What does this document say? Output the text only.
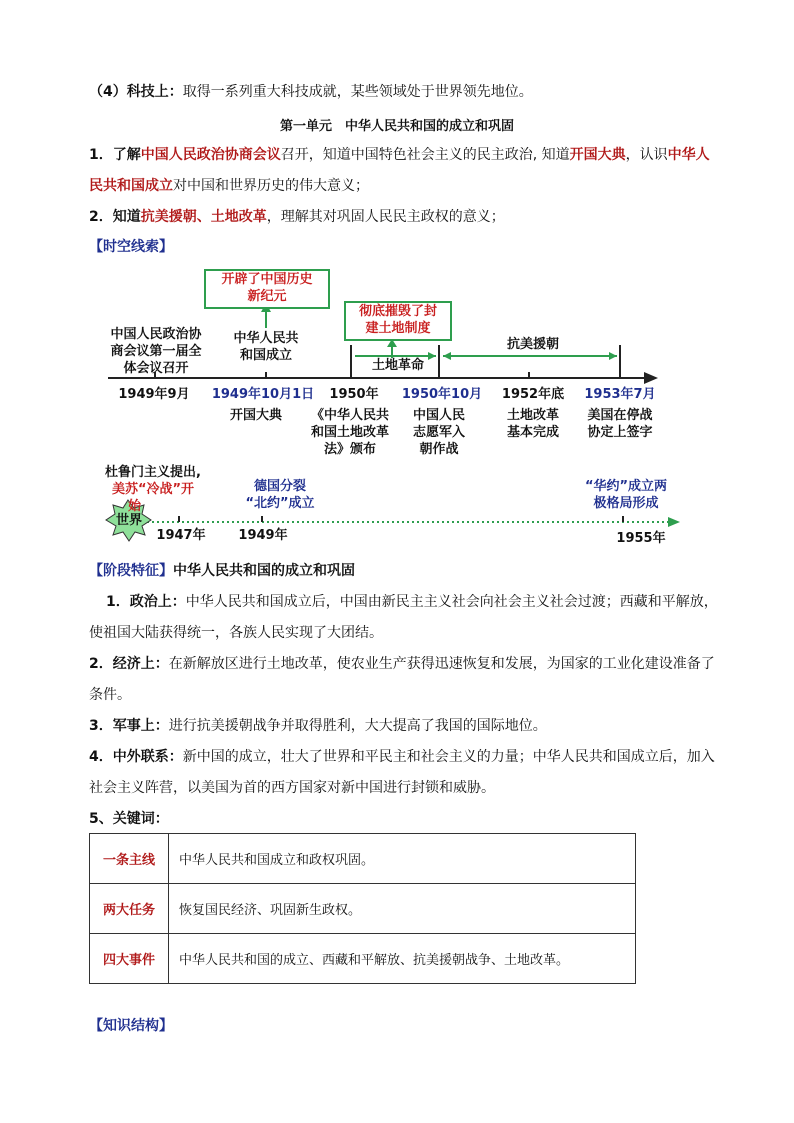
（4）科技上：取得一系列重大科技成就，某些领域处于世界领先地位。
第一单元　中华人民共和国的成立和巩固
1．了解中国人民政治协商会议召开，知道中国特色社会主义的民主政治, 知道开国大典，认识中华人
民共和国成立对中国和世界历史的伟大意义；
2．知道抗美援朝、土地改革，理解其对巩固人民民主政权的意义；
【时空线索】
开辟了中国历史
新纪元
彻底摧毁了封
建土地制度
中国人民政治协
商会议第一届全
体会议召开
中华人民共
和国成立
土地革命
抗美援朝
1949年9月	1949年10月1日	1950年	1950年10月	1952年底	1953年7月
开国大典	《中华人民共
和国土地改革
法》颁布
中国人民
志愿军入
朝作战
土地改革
基本完成
美国在停战
协定上签字
杜鲁门主义提出,
美苏“冷战”开
始
德国分裂
“北约”成立
“华约”成立两
极格局形成
世界
1947年	1949年	1955年
【阶段特征】中华人民共和国的成立和巩固
1．政治上：中华人民共和国成立后，中国由新民主主义社会向社会主义社会过渡；西藏和平解放，
使祖国大陆获得统一，各族人民实现了大团结。
2．经济上：在新解放区进行土地改革，使农业生产获得迅速恢复和发展，为国家的工业化建设准备了
条件。
3．军事上：进行抗美援朝战争并取得胜利，大大提高了我国的国际地位。
4．中外联系：新中国的成立，壮大了世界和平民主和社会主义的力量；中华人民共和国成立后，加入
社会主义阵营，以美国为首的西方国家对新中国进行封锁和威胁。
5、关键词：
一条主线	中华人民共和国成立和政权巩固。
两大任务	恢复国民经济、巩固新生政权。
四大事件	中华人民共和国的成立、西藏和平解放、抗美援朝战争、土地改革。
【知识结构】
